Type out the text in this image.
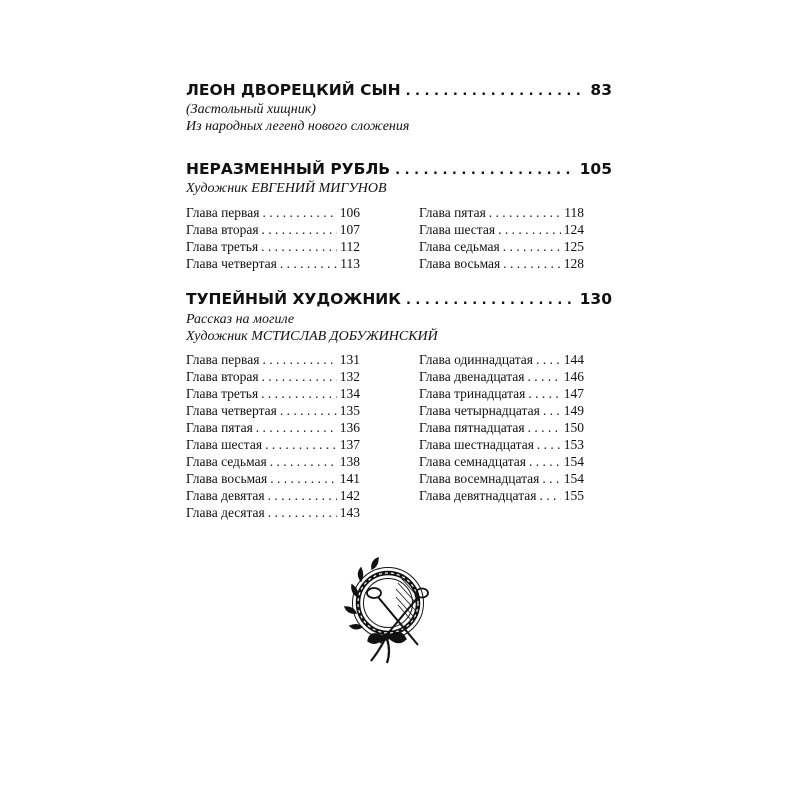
ЛЕОН ДВОРЕЦКИЙ СЫН . . .	83
(Застольный хищник)
Из народных легенд нового сложения
НЕРАЗМЕННЫЙ РУБЛЬ . . .	105
Художник ЕВГЕНИЙ МИГУНОВ
Глава первая . . .	106
Глава вторая . . .	107
Глава третья . . .	112
Глава четвертая . . .	113
Глава пятая . . .	118
Глава шестая . . .	124
Глава седьмая . . .	125
Глава восьмая . . .	128
ТУПЕЙНЫЙ ХУДОЖНИК . . .	130
Рассказ на могиле
Художник МСТИСЛАВ ДОБУЖИНСКИЙ
Глава первая . . .	131
Глава вторая . . .	132
Глава третья . . .	134
Глава четвертая . . .	135
Глава пятая . . .	136
Глава шестая . . .	137
Глава седьмая . . .	138
Глава восьмая . . .	141
Глава девятая . . .	142
Глава десятая . . .	143
Глава одиннадцатая . . . 144
Глава двенадцатая . . .	146
Глава тринадцатая . . .	147
Глава четырнадцатая . . . 149
Глава пятнадцатая . . .	150
Глава шестнадцатая . . . 153
Глава семнадцатая . . .	154
Глава восемнадцатая . . . 154
Глава девятнадцатая . . . 155
